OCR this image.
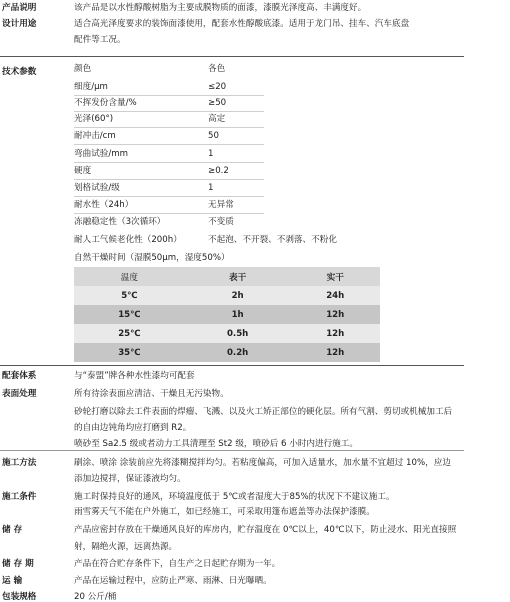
产品说明	该产品是以水性醇酸树脂为主要成膜物质的面漆，漆膜光泽度高、丰满度好。
设计用途	适合高光泽度要求的装饰面漆使用，配套水性醇酸底漆。适用于龙门吊、挂车、汽车底盘
配件等工况。
技术参数	颜色	各色
细度/μm	≤20
不挥发份含量/%	≥50
光泽(60°)	高定
耐冲击/cm	50
弯曲试验/mm	1
硬度	≥0.2
划格试验/级	1
耐水性（24h）	无异常
冻融稳定性（3次循环）	不变质
耐人工气候老化性（200h）	不起泡、不开裂、不剥落、不粉化
自然干燥时间（湿膜50μm，湿度50%）
温度	表干	实干
5℃	2h	24h
15℃	1h	12h
25℃	0.5h	12h
35℃	0.2h	12h
配套体系	与“泰盟”牌各种水性漆均可配套
表面处理	所有待涂表面应清洁、干燥且无污染物。
砂轮打磨以除去工件表面的焊瘤、飞溅、以及火工矫正部位的硬化层。所有气割、剪切或机械加工后
的自由边钝角均应打磨到 R2。
喷砂至 Sa2.5 级或者动力工具清理至 St2 级，喷砂后 6 小时内进行施工。
施工方法	刷涂、喷涂 涂装前应先将漆糊搅拌均匀。若粘度偏高，可加入适量水，加水量不宜超过 10%，应边
添加边搅拌，保证漆液均匀。
施工条件	施工时保持良好的通风，环境温度低于 5℃或者湿度大于85%的状况下不建议施工。
雨雪雾天气不能在户外施工，如已经施工，可采取用篷布遮盖等办法保护漆膜。
储 存	产品应密封存放在干燥通风良好的库房内，贮存温度在 0℃以上，40℃以下，防止浸水、阳光直接照
射，隔绝火源，远离热源。
储 存 期	产品在符合贮存条件下，自生产之日起贮存期为一年。
运 输	产品在运输过程中，应防止严寒、雨淋、日光曝晒。
包装规格	20 公斤/桶
